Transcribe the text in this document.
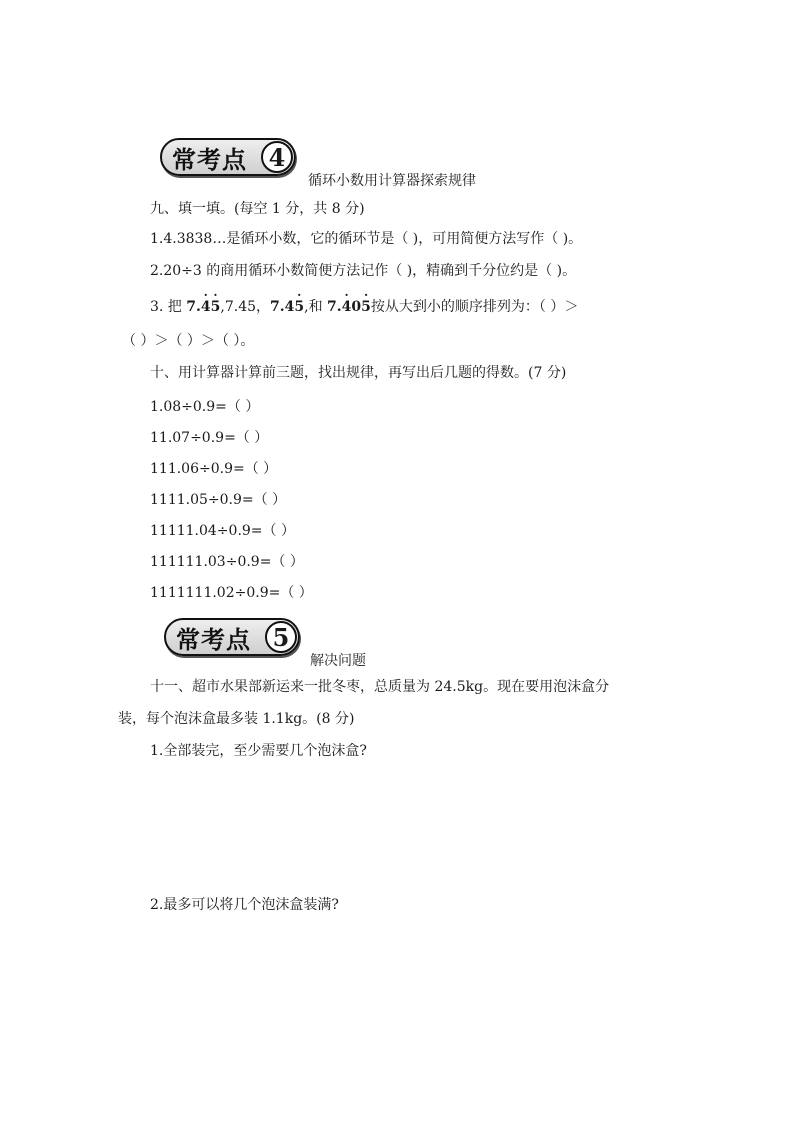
常考点 4
循环小数用计算器探索规律
九、填一填。(每空 1 分，共 8 分)
1.4.3838…是循环小数，它的循环节是（ )，可用简便方法写作（ )。
2.20÷3 的商用循环小数简便方法记作（ )，精确到千分位约是（ )。
3. 把 7.4 .5 .,7.45，7.45 .,和 7.4 .05 .按从大到小的顺序排列为：（ ）＞
（ ）＞（ ）＞（ ）。
十、用计算器计算前三题，找出规律，再写出后几题的得数。(7 分)
1.08÷0.9=（ ）
11.07÷0.9=（ ）
111.06÷0.9=（ ）
1111.05÷0.9=（ ）
11111.04÷0.9=（ ）
111111.03÷0.9=（ ）
1111111.02÷0.9=（ ）
常考点 5
解决问题
十一、超市水果部新运来一批冬枣，总质量为 24.5kg。现在要用泡沫盒分
装，每个泡沫盒最多装 1.1kg。(8 分)
1.全部装完，至少需要几个泡沫盒?
2.最多可以将几个泡沫盒装满?
